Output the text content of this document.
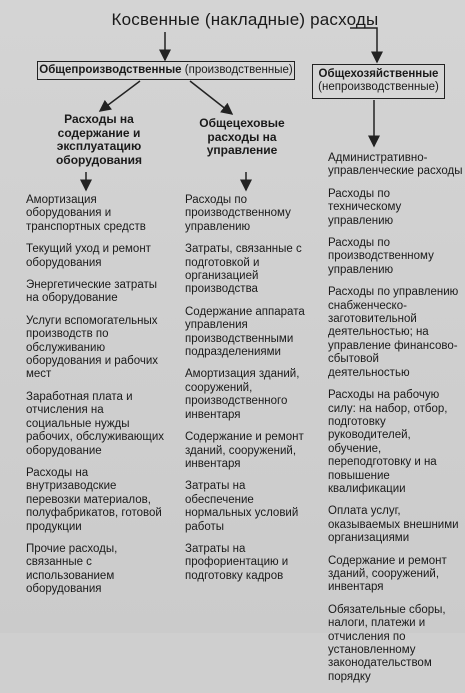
Косвенные (накладные) расходы
Общепроизводственные (производственные)	Общехозяйственные
(непроизводственные)
Расходы на содержание и эксплуатацию оборудования
Общецеховые расходы на управление
Амортизация оборудования и транспортных средств
Текущий уход и ремонт оборудования
Энергетические затраты на оборудование
Услуги вспомогательных производств по обслуживанию оборудования и рабочих мест
Заработная плата и отчисления на социальные нужды рабочих, обслуживающих оборудование
Расходы на внутризаводские перевозки материалов, полуфабрикатов, готовой продукции
Прочие расходы, связанные с использованием оборудования
Расходы по производственному управлению
Затраты, связанные с подготовкой и организацией производства
Содержание аппарата управления производственными подразделениями
Амортизация зданий, сооружений, производственного инвентаря
Содержание и ремонт зданий, сооружений, инвентаря
Затраты на обеспечение нормальных условий работы
Затраты на профориентацию и подготовку кадров
Административно-управленческие расходы
Расходы по техническому управлению
Расходы по производственному управлению
Расходы по управлению снабженческо-заготовительной деятельностью; на управление финансово-сбытовой деятельностью
Расходы на рабочую силу: на набор, отбор, подготовку руководителей, обучение, переподготовку и на повышение квалификации
Оплата услуг, оказываемых внешними организациями
Содержание и ремонт зданий, сооружений, инвентаря
Обязательные сборы, налоги, платежи и отчисления по установленному законодательством порядку
